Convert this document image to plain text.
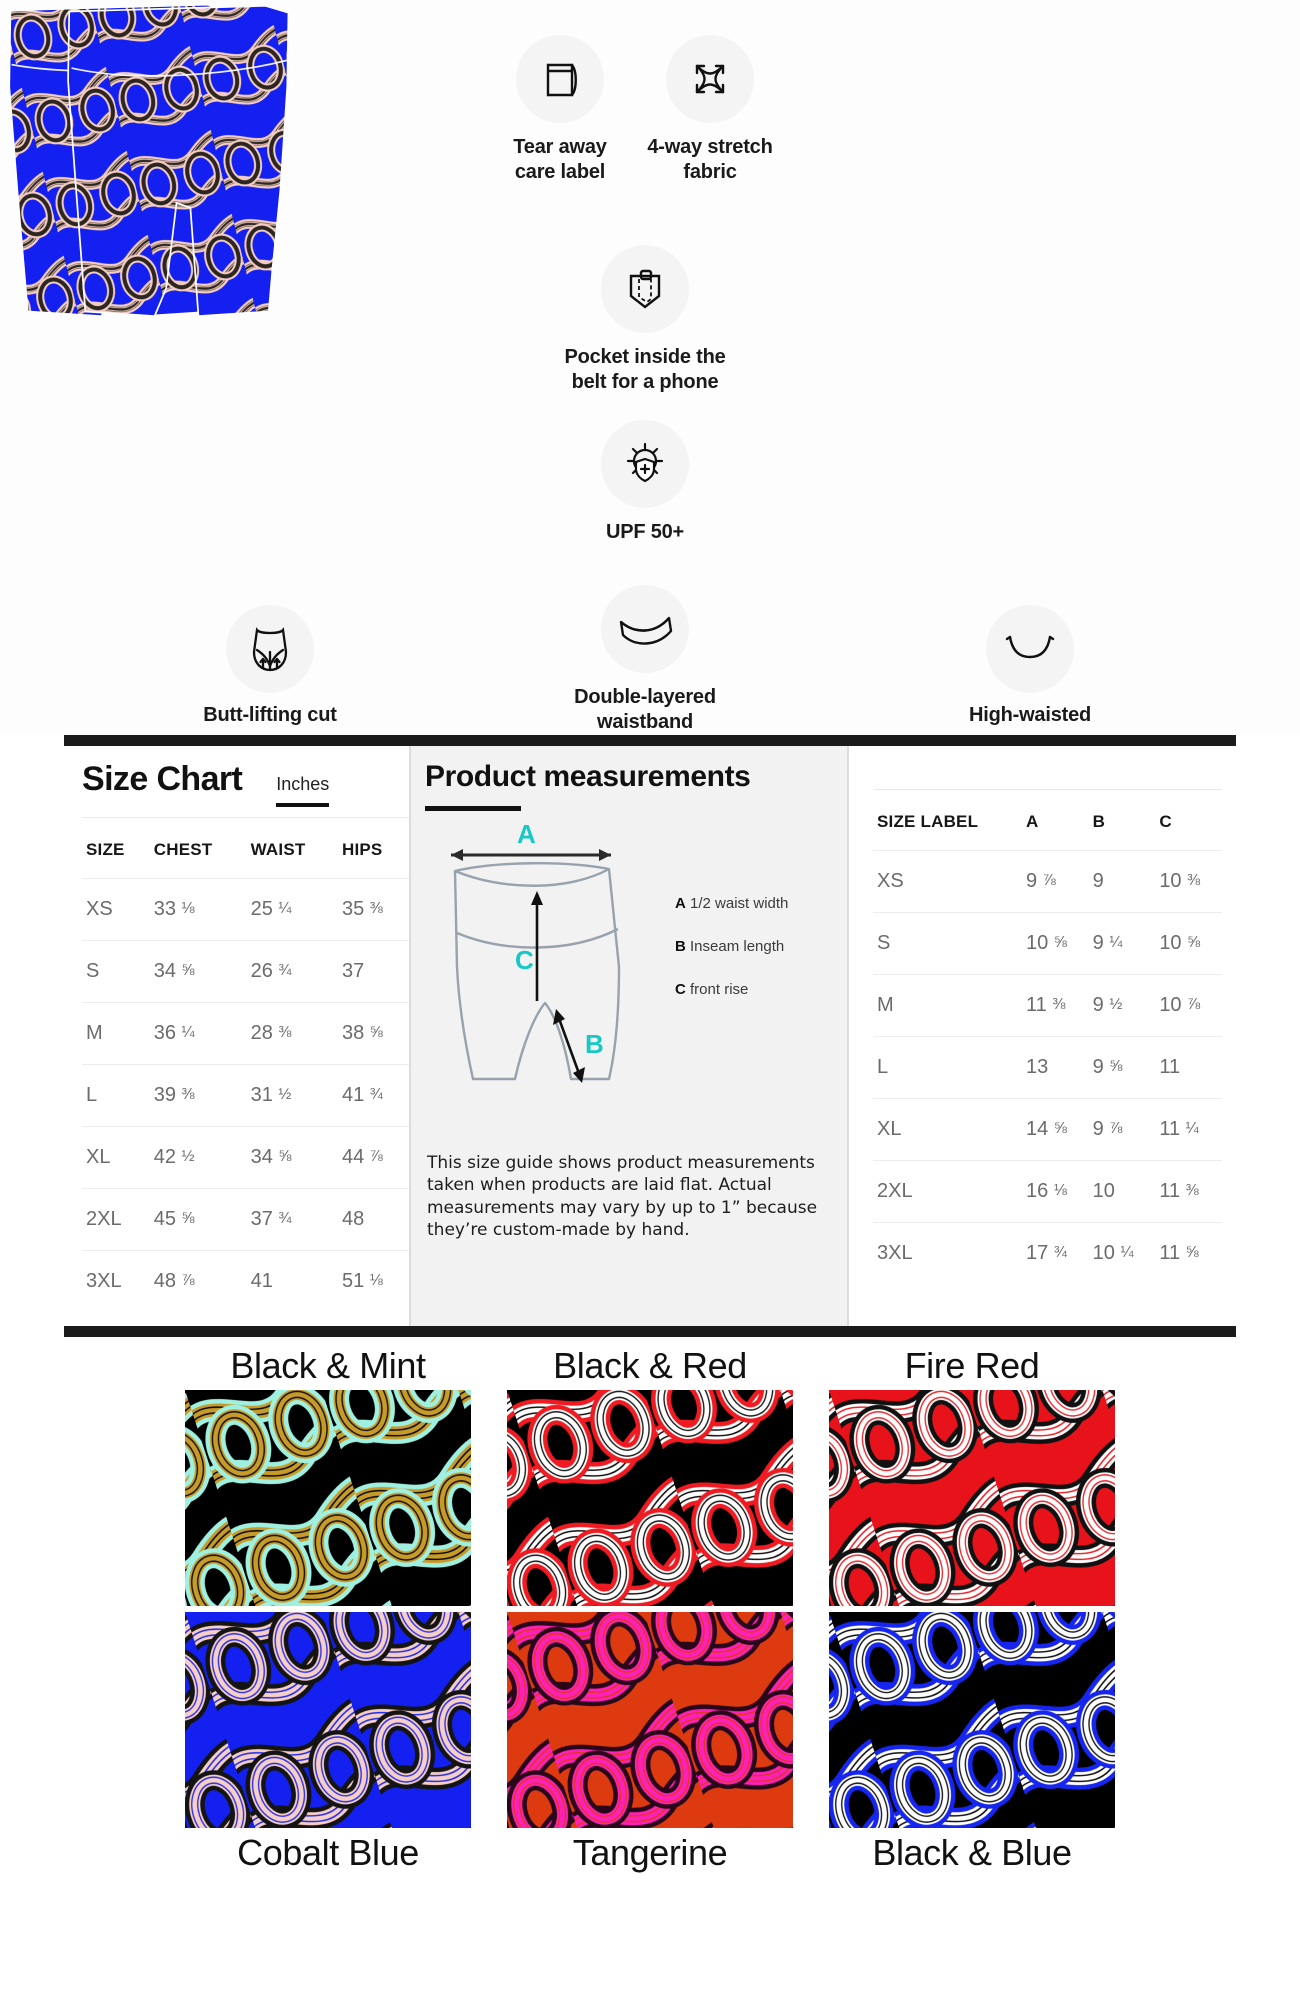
Tear away
care label
4-way stretch
fabric
Pocket inside the
belt for a phone
UPF 50+
Double-layered
waistband
Butt-lifting cut	High-waisted
Size Chart Inches
SIZE	CHEST	WAIST	HIPS
XS	33 ⅛	25 ¼	35 ⅜
S	34 ⅝	26 ¾	37
M	36 ¼	28 ⅜	38 ⅝
L	39 ⅜	31 ½	41 ¾
XL	42 ½	34 ⅝	44 ⅞
2XL	45 ⅝	37 ¾	48
3XL	48 ⅞	41	51 ⅛
Product measurements
A
C
B
A 1/2 waist width
B Inseam length
C front rise
This size guide shows product measurements taken when products are laid flat. Actual measurements may vary by up to 1” because they’re custom-made by hand.
SIZE LABEL	A	B	C
XS	9 ⅞	9	10 ⅜
S	10 ⅝	9 ¼	10 ⅝
M	11 ⅜	9 ½	10 ⅞
L	13	9 ⅝	11
XL	14 ⅝	9 ⅞	11 ¼
2XL	16 ⅛	10	11 ⅜
3XL	17 ¾	10 ¼	11 ⅝
Black & Mint	Black & Red	Fire Red
Cobalt Blue	Tangerine	Black & Blue
